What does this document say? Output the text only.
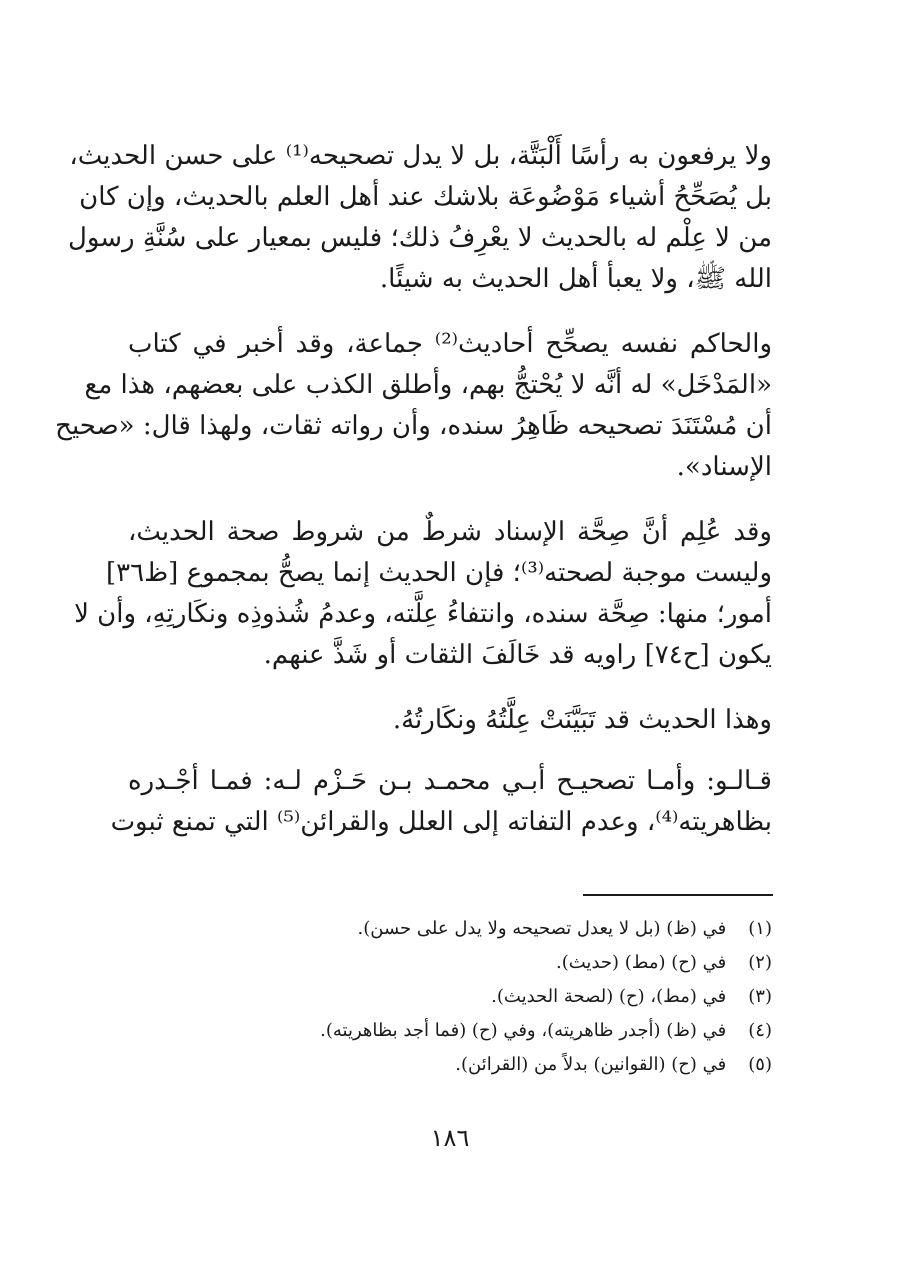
ولا يرفعون به رأسًا أَلْبَتَّة، بل لا يدل تصحيحه⁽¹⁾ على حسن الحديث،
بل يُصَحِّحُ أشياء مَوْضُوعَة بلاشك عند أهل العلم بالحديث، وإن كان
من لا عِلْم له بالحديث لا يعْرِفُ ذلك؛ فليس بمعيار على سُنَّةِ رسول
الله ﷺ، ولا يعبأ أهل الحديث به شيئًا.

والحاكم نفسه يصحِّح أحاديث⁽²⁾ جماعة، وقد أخبر في كتاب
«المَدْخَل» له أنَّه لا يُحْتجُّ بهم، وأطلق الكذب على بعضهم، هذا مع
أن مُسْتَنَدَ تصحيحه ظَاهِرُ سنده، وأن رواته ثقات، ولهذا قال: «صحيح
الإسناد».

وقد عُلِم أنَّ صِحَّة الإسناد شرطٌ من شروط صحة الحديث،
وليست موجبة لصحته⁽³⁾؛ فإن الحديث إنما يصحُّ بمجموع [ظ٣٦]
أمور؛ منها: صِحَّة سنده، وانتفاءُ عِلَّته، وعدمُ شُذوذِه ونكَارتِهِ، وأن لا
يكون [ح٧٤] راويه قد خَالَفَ الثقات أو شَذَّ عنهم.

وهذا الحديث قد تَبَيَّنَتْ عِلَّتُهُ ونكَارتُهُ.

قـالـو: وأمـا تصحيـح أبـي محمـد بـن حَـزْم لـه: فمـا أجْـدره
بظاهريته⁽⁴⁾، وعدم التفاته إلى العلل والقرائن⁽⁵⁾ التي تمنع ثبوت

(١) في (ظ) (بل لا يعدل تصحيحه ولا يدل على حسن).
(٢) في (ح) (مط) (حديث).
(٣) في (مط)، (ح) (لصحة الحديث).
(٤) في (ظ) (أجدر ظاهريته)، وفي (ح) (فما أجد بظاهريته).
(٥) في (ح) (القوانين) بدلاً من (القرائن).
١٨٦
